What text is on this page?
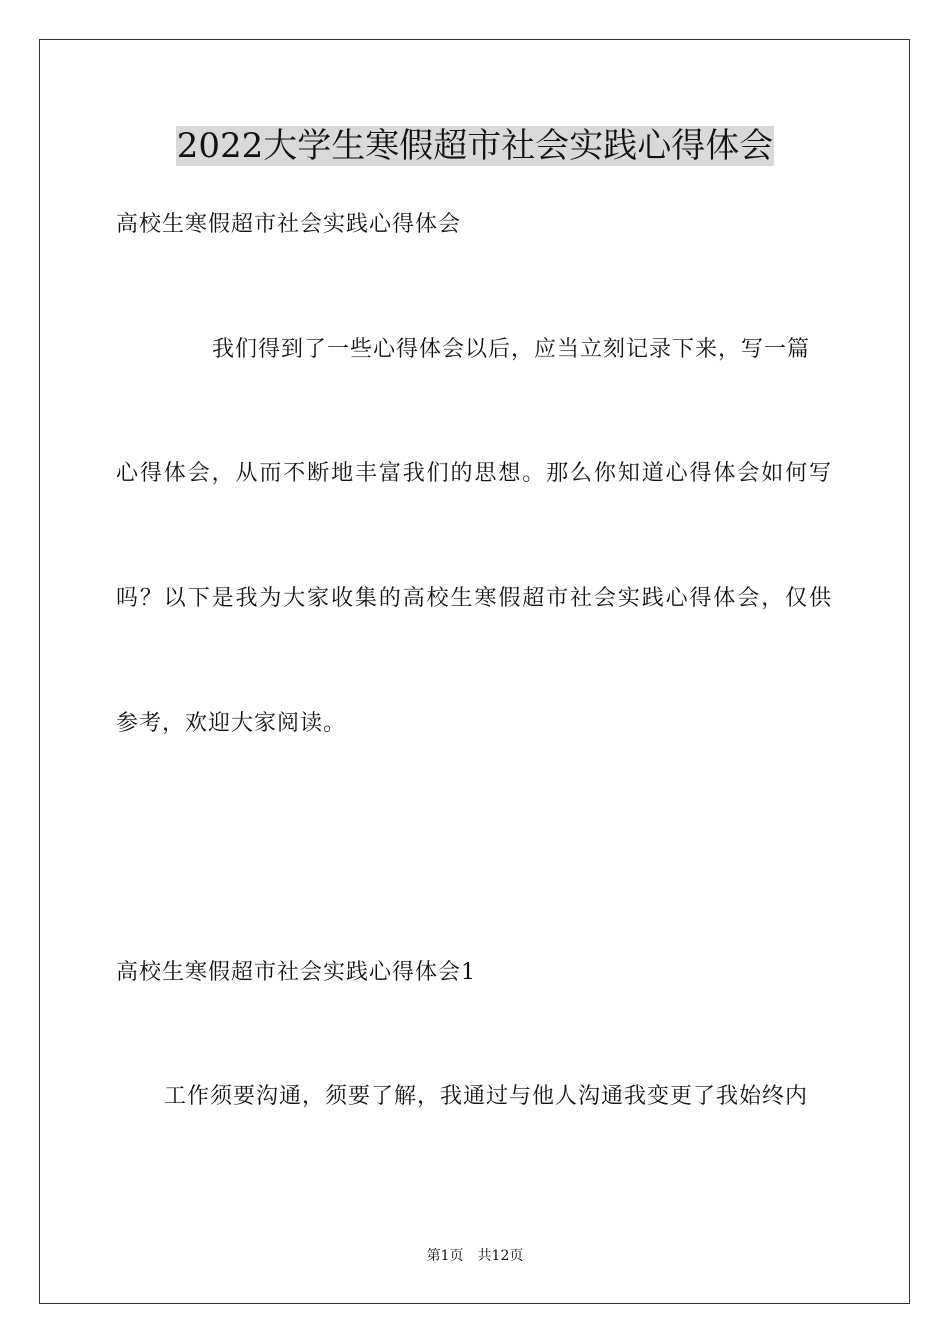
2022大学生寒假超市社会实践心得体会
高校生寒假超市社会实践心得体会
我们得到了一些心得体会以后，应当立刻记录下来，写一篇
心得体会，从而不断地丰富我们的思想。那么你知道心得体会如何写
吗？以下是我为大家收集的高校生寒假超市社会实践心得体会，仅供
参考，欢迎大家阅读。
高校生寒假超市社会实践心得体会1
工作须要沟通，须要了解，我通过与他人沟通我变更了我始终内
第1页 共12页
